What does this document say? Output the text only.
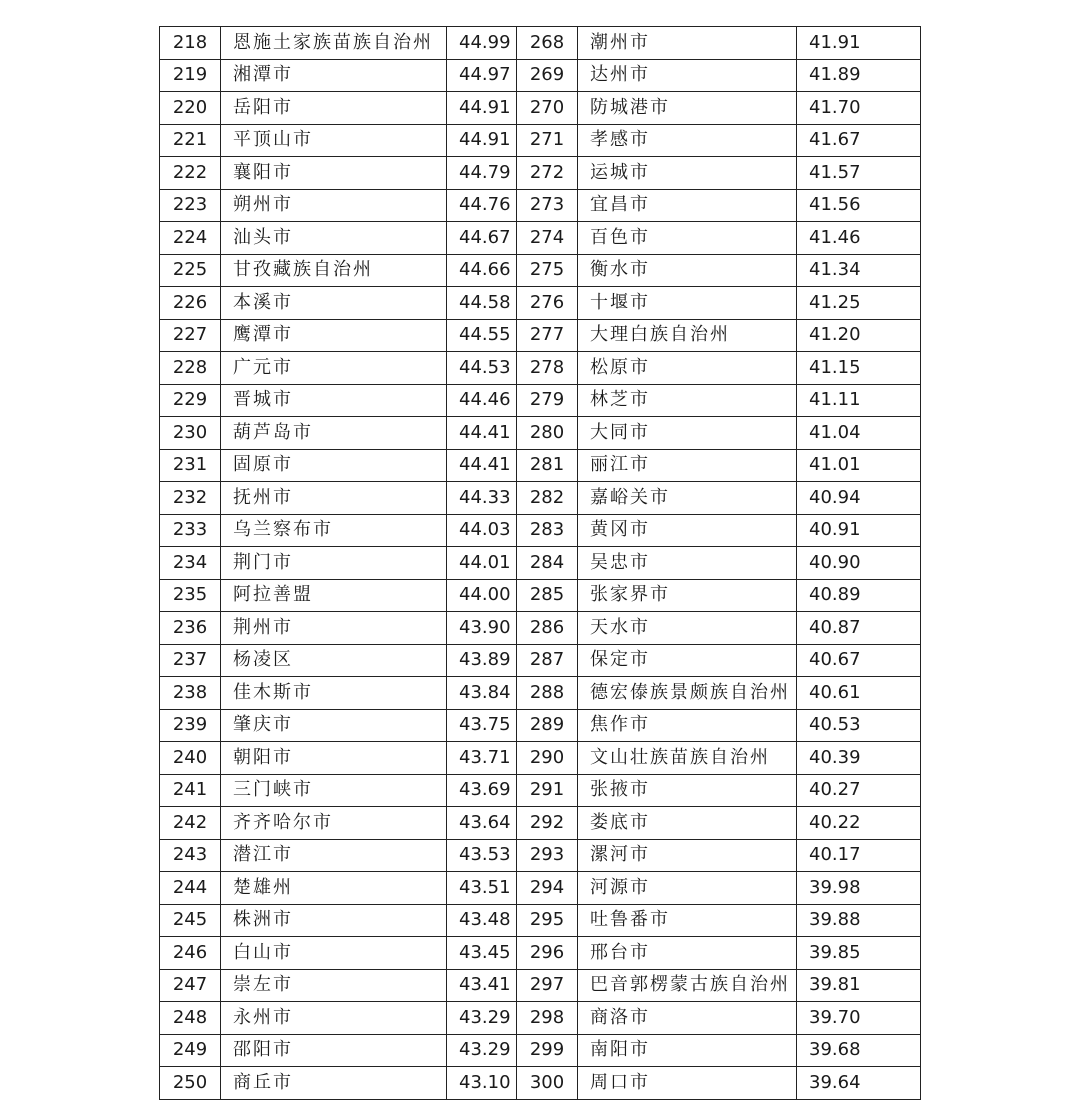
218	恩施土家族苗族自治州	44.99	268	潮州市	41.91
219	湘潭市	44.97	269	达州市	41.89
220	岳阳市	44.91	270	防城港市	41.70
221	平顶山市	44.91	271	孝感市	41.67
222	襄阳市	44.79	272	运城市	41.57
223	朔州市	44.76	273	宜昌市	41.56
224	汕头市	44.67	274	百色市	41.46
225	甘孜藏族自治州	44.66	275	衡水市	41.34
226	本溪市	44.58	276	十堰市	41.25
227	鹰潭市	44.55	277	大理白族自治州	41.20
228	广元市	44.53	278	松原市	41.15
229	晋城市	44.46	279	林芝市	41.11
230	葫芦岛市	44.41	280	大同市	41.04
231	固原市	44.41	281	丽江市	41.01
232	抚州市	44.33	282	嘉峪关市	40.94
233	乌兰察布市	44.03	283	黄冈市	40.91
234	荆门市	44.01	284	吴忠市	40.90
235	阿拉善盟	44.00	285	张家界市	40.89
236	荆州市	43.90	286	天水市	40.87
237	杨凌区	43.89	287	保定市	40.67
238	佳木斯市	43.84	288	德宏傣族景颇族自治州	40.61
239	肇庆市	43.75	289	焦作市	40.53
240	朝阳市	43.71	290	文山壮族苗族自治州	40.39
241	三门峡市	43.69	291	张掖市	40.27
242	齐齐哈尔市	43.64	292	娄底市	40.22
243	潜江市	43.53	293	漯河市	40.17
244	楚雄州	43.51	294	河源市	39.98
245	株洲市	43.48	295	吐鲁番市	39.88
246	白山市	43.45	296	邢台市	39.85
247	崇左市	43.41	297	巴音郭楞蒙古族自治州	39.81
248	永州市	43.29	298	商洛市	39.70
249	邵阳市	43.29	299	南阳市	39.68
250	商丘市	43.10	300	周口市	39.64
